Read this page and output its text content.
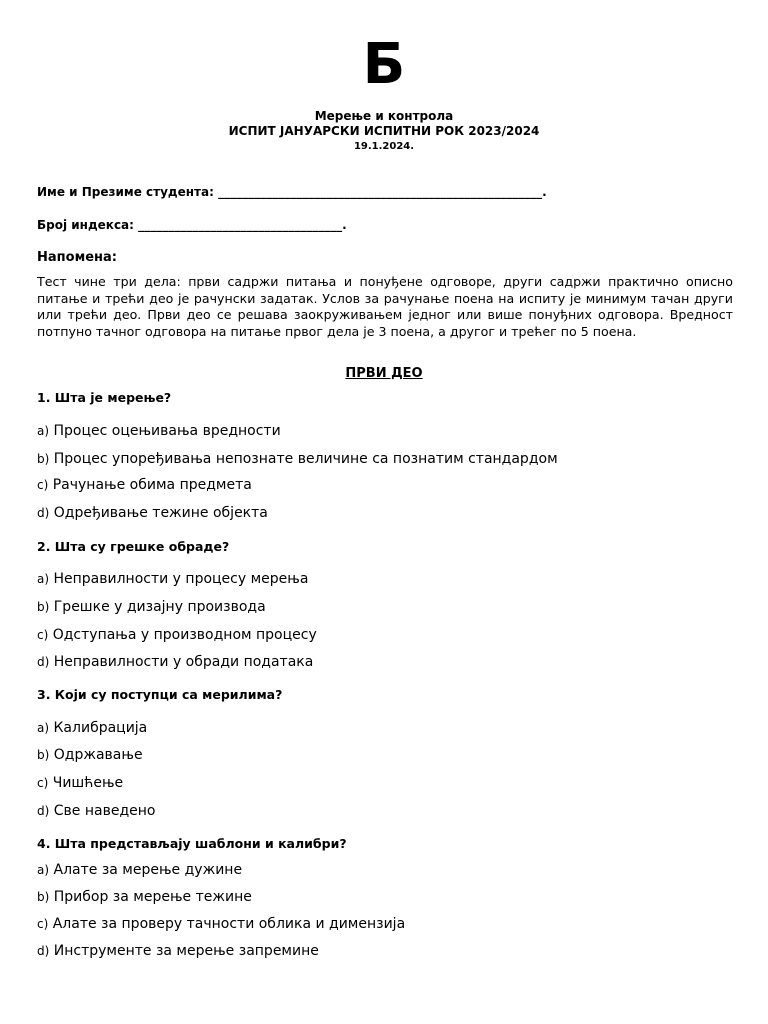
Б
Мерење и контрола
ИСПИТ ЈАНУАРСКИ ИСПИТНИ РОК 2023/2024
19.1.2024.
Име и Презиме студента: ______________________________________________________.
Број индекса: __________________________________.
Напомена:
Тест чине три дела: први садржи питања и понуђене одговоре, други садржи практично описно питање и трећи део је рачунски задатак. Услов за рачунање поена на испиту је минимум тачан други или трећи део. Први део се решава заокруживањем једног или више понуђних одговора. Вредност потпуно тачног одговора на питање првог дела је 3 поена, а другог и трећег по 5 поена.
ПРВИ ДЕО
1. Шта је мерење?
a) Процес оцењивања вредности
b) Процес упоређивања непознате величине са познатим стандардом
c) Рачунање обима предмета
d) Одређивање тежине објекта
2. Шта су грешке обраде?
a) Неправилности у процесу мерења
b) Грешке у дизајну производа
c) Одступања у производном процесу
d) Неправилности у обради података
3. Који су поступци са мерилима?
a) Калибрација
b) Одржавање
c) Чишћење
d) Све наведено
4. Шта представљају шаблони и калибри?
a) Алате за мерење дужине
b) Прибор за мерење тежине
c) Алате за проверу тачности облика и димензија
d) Инструменте за мерење запремине
